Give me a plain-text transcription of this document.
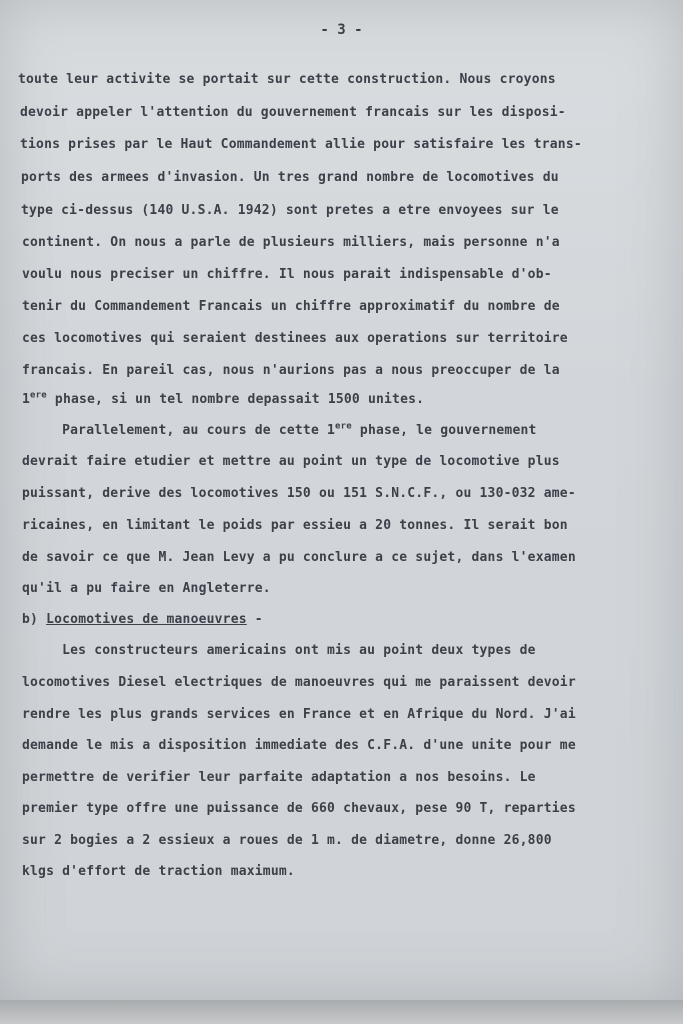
- 3 -
toute leur activite se portait sur cette construction. Nous croyons
devoir appeler l'attention du gouvernement francais sur les disposi-
tions prises par le Haut Commandement allie pour satisfaire les trans-
ports des armees d'invasion. Un tres grand nombre de locomotives du
type ci-dessus (140 U.S.A. 1942) sont pretes a etre envoyees sur le
continent. On nous a parle de plusieurs milliers, mais personne n'a
voulu nous preciser un chiffre. Il nous parait indispensable d'ob-
tenir du Commandement Francais un chiffre approximatif du nombre de
ces locomotives qui seraient destinees aux operations sur territoire
francais. En pareil cas, nous n'aurions pas a nous preoccuper de la
1ere phase, si un tel nombre depassait 1500 unites.
Parallelement, au cours de cette 1ere phase, le gouvernement
devrait faire etudier et mettre au point un type de locomotive plus
puissant, derive des locomotives 150 ou 151 S.N.C.F., ou 130-032 ame-
ricaines, en limitant le poids par essieu a 20 tonnes. Il serait bon
de savoir ce que M. Jean Levy a pu conclure a ce sujet, dans l'examen
qu'il a pu faire en Angleterre.
b) Locomotives de manoeuvres -
Les constructeurs americains ont mis au point deux types de
locomotives Diesel electriques de manoeuvres qui me paraissent devoir
rendre les plus grands services en France et en Afrique du Nord. J'ai
demande le mis a disposition immediate des C.F.A. d'une unite pour me
permettre de verifier leur parfaite adaptation a nos besoins. Le
premier type offre une puissance de 660 chevaux, pese 90 T, reparties
sur 2 bogies a 2 essieux a roues de 1 m. de diametre, donne 26,800
klgs d'effort de traction maximum.
